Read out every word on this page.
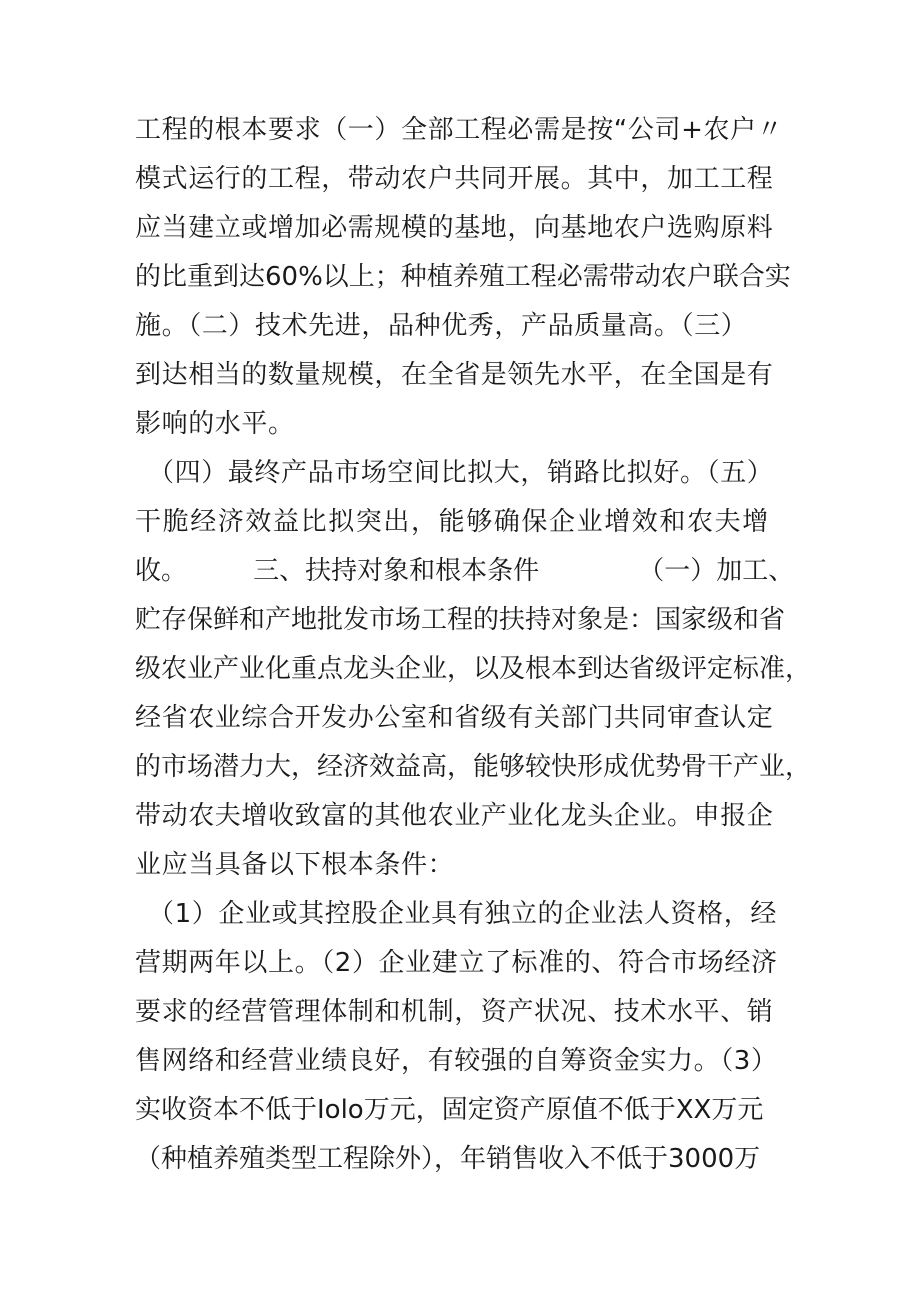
工程的根本要求（一）全部工程必需是按“公司+农户〃
模式运行的工程，带动农户共同开展。其中，加工工程
应当建立或增加必需规模的基地，向基地农户选购原料
的比重到达60%以上；种植养殖工程必需带动农户联合实
施。（二）技术先进，品种优秀，产品质量高。（三）
到达相当的数量规模，在全省是领先水平，在全国是有
影响的水平。
（四）最终产品市场空间比拟大，销路比拟好。（五）
干脆经济效益比拟突出，能够确保企业增效和农夫增
收。        三、扶持对象和根本条件            （一）加工、
贮存保鲜和产地批发市场工程的扶持对象是：国家级和省
级农业产业化重点龙头企业，以及根本到达省级评定标准，
经省农业综合开发办公室和省级有关部门共同审查认定
的市场潜力大，经济效益高，能够较快形成优势骨干产业，
带动农夫增收致富的其他农业产业化龙头企业。申报企
业应当具备以下根本条件：
（1）企业或其控股企业具有独立的企业法人资格，经
营期两年以上。（2）企业建立了标准的、符合市场经济
要求的经营管理体制和机制，资产状况、技术水平、销
售网络和经营业绩良好，有较强的自筹资金实力。（3）
实收资本不低于Iolo万元，固定资产原值不低于XX万元
（种植养殖类型工程除外），年销售收入不低于3000万
